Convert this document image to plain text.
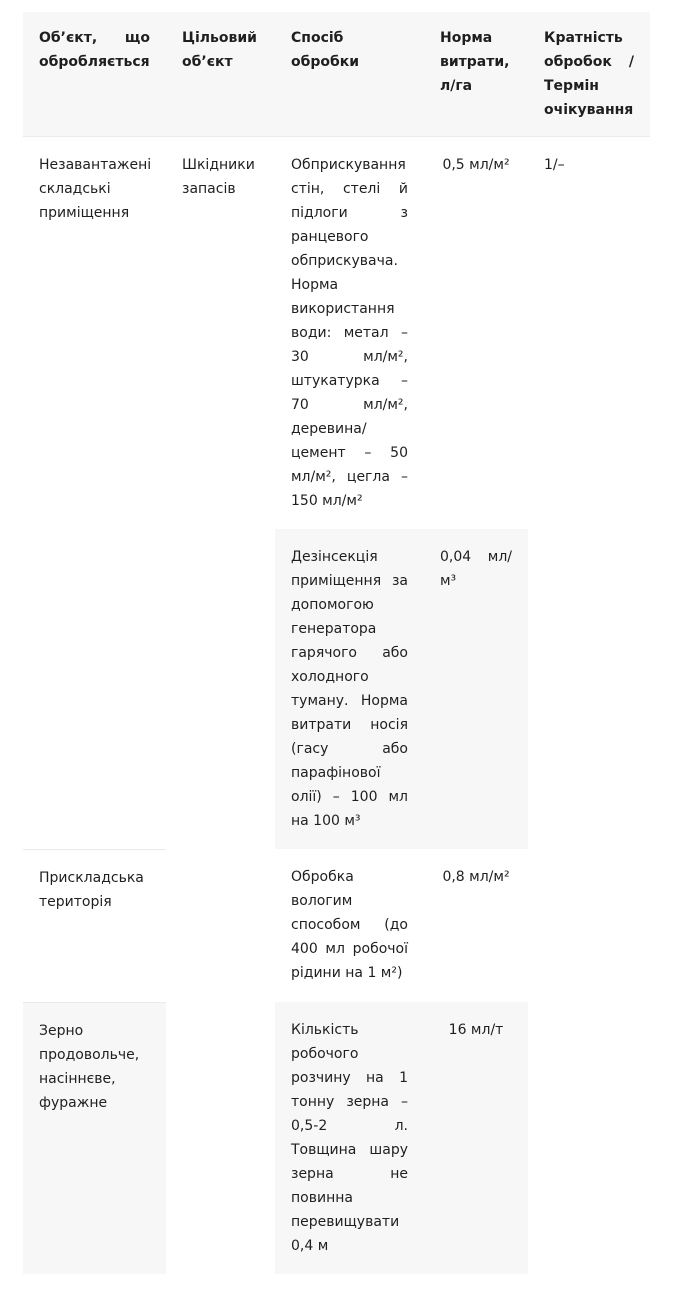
Об’єкт, що обробляється	Цільовий об’єкт	Спосіб обробки	Норма витрати, л/га	Кратність обробок / Термін очікування
Незавантажені складські приміщення	Шкідники запасів	Обприскування стін, стелі й підлоги з ранцевого обприскувача. Норма використання води: метал – 30 мл/м², штукатурка – 70 мл/м², деревина/цемент – 50 мл/м², цегла – 150 мл/м²	0,5 мл/м²	1/–
		Дезінсекція приміщення за допомогою генератора гарячого або холодного туману. Норма витрати носія (гасу або парафінової олії) – 100 мл на 100 м³	0,04 мл/м³	
Прискладська територія		Обробка вологим способом (до 400 мл робочої рідини на 1 м²)	0,8 мл/м²	
Зерно продовольче, насіннєве, фуражне		Кількість робочого розчину на 1 тонну зерна – 0,5-2 л. Товщина шару зерна не повинна перевищувати 0,4 м	16 мл/т	
